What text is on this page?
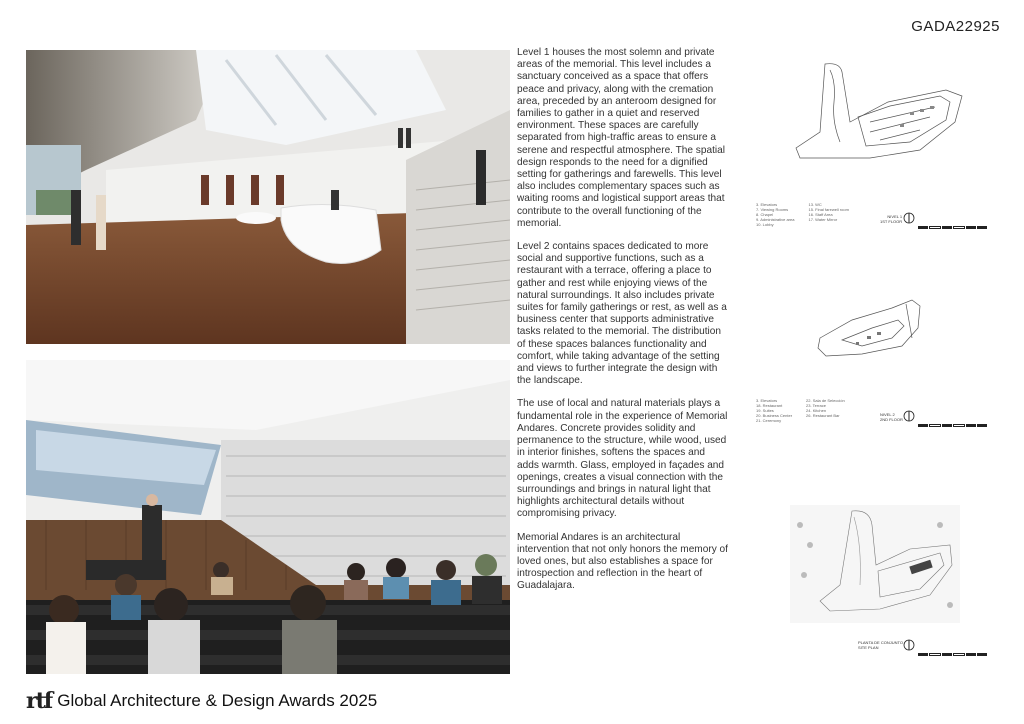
GADA22925

Level 1 houses the most solemn and private areas of the memorial. This level includes a sanctuary conceived as a space that offers peace and privacy, along with the cremation area, preceded by an anteroom designed for families to gather in a quiet and reserved environment. These spaces are carefully separated from high-traffic areas to ensure a serene and respectful atmosphere. The spatial design responds to the need for a dignified setting for gatherings and farewells. This level also includes complementary spaces such as waiting rooms and logistical support areas that contribute to the overall functioning of the memorial.

Level 2 contains spaces dedicated to more social and supportive functions, such as a restaurant with a terrace, offering a place to gather and rest while enjoying views of the natural surroundings. It also includes private suites for family gatherings or rest, as well as a business center that supports administrative tasks related to the memorial. The distribution of these spaces balances functionality and comfort, while taking advantage of the setting and views to further integrate the design with the landscape.

The use of local and natural materials plays a fundamental role in the experience of Memorial Andares. Concrete provides solidity and permanence to the structure, while wood, used in interior finishes, softens the spaces and adds warmth. Glass, employed in façades and openings, creates a visual connection with the surroundings and brings in natural light that highlights architectural details without compromising privacy.

Memorial Andares is an architectural intervention that not only honors the memory of loved ones, but also establishes a space for introspection and reflection in the heart of Guadalajara.

3. Elevators
7. Viewing Rooms
8. Chapel
9. Administrative area
10. Lobby
13. WC
15. Final farewell room
16. Staff Area
17. Water Mirror
NIVEL 1
1ST FLOOR
3. Elevators
18. Restaurant
19. Suites
20. Business Center
21. Ceremony
22. Sala de Selección
23. Terrace
24. Kitchen
26. Restaurant Bar	NIVEL 2
2ND FLOOR
PLANTA DE CONJUNTO
SITE PLAN
rtf Global Architecture & Design Awards 2025
